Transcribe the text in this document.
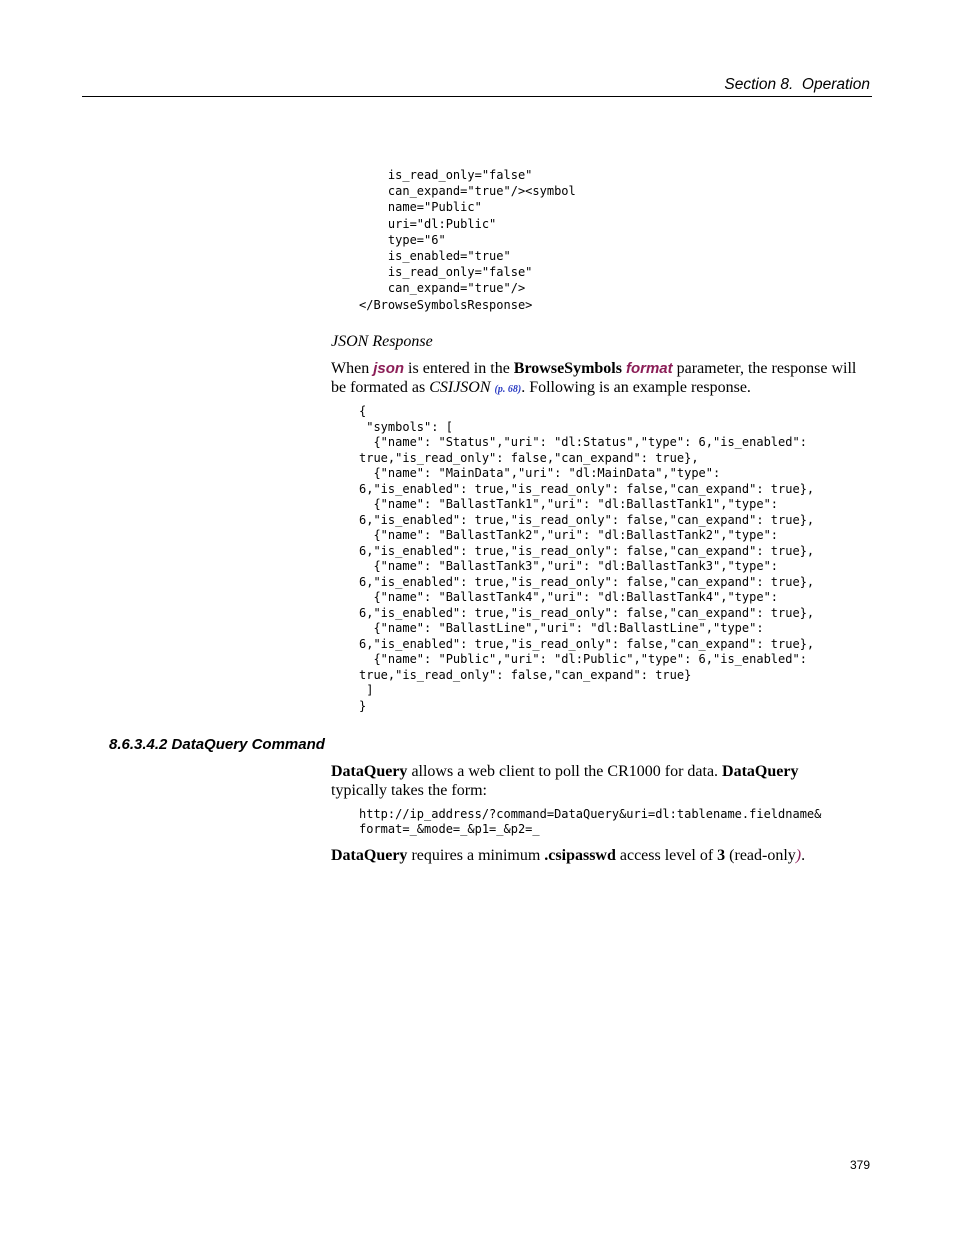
Section 8.  Operation
is_read_only="false"
can_expand="true"/><symbol
name="Public"
uri="dl:Public"
type="6"
is_enabled="true"
is_read_only="false"
can_expand="true"/>
</BrowseSymbolsResponse>
JSON Response
When json is entered in the BrowseSymbols format parameter, the response will
be formated as CSIJSON (p. 68). Following is an example response.
{
"symbols": [
{"name": "Status","uri": "dl:Status","type": 6,"is_enabled":
true,"is_read_only": false,"can_expand": true},
{"name": "MainData","uri": "dl:MainData","type":
6,"is_enabled": true,"is_read_only": false,"can_expand": true},
{"name": "BallastTank1","uri": "dl:BallastTank1","type":
6,"is_enabled": true,"is_read_only": false,"can_expand": true},
{"name": "BallastTank2","uri": "dl:BallastTank2","type":
6,"is_enabled": true,"is_read_only": false,"can_expand": true},
{"name": "BallastTank3","uri": "dl:BallastTank3","type":
6,"is_enabled": true,"is_read_only": false,"can_expand": true},
{"name": "BallastTank4","uri": "dl:BallastTank4","type":
6,"is_enabled": true,"is_read_only": false,"can_expand": true},
{"name": "BallastLine","uri": "dl:BallastLine","type":
6,"is_enabled": true,"is_read_only": false,"can_expand": true},
{"name": "Public","uri": "dl:Public","type": 6,"is_enabled":
true,"is_read_only": false,"can_expand": true}
]
}
8.6.3.4.2 DataQuery Command
DataQuery allows a web client to poll the CR1000 for data. DataQuery
typically takes the form:
http://ip_address/?command=DataQuery&uri=dl:tablename.fieldname&
format=_&mode=_&p1=_&p2=_
DataQuery requires a minimum .csipasswd access level of 3 (read-only).
379
